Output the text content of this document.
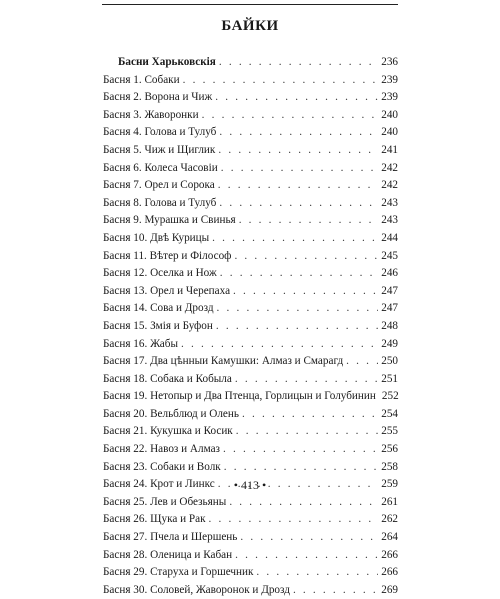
БАЙКИ
Басни Харьковскія . . .	236
Басня 1. Собаки . . .	239
Басня 2. Ворона и Чиж . . .	239
Басня 3. Жаворонки . . .	240
Басня 4. Голова и Тулуб . . .	240
Басня 5. Чиж и Щиглик . . .	241
Басня 6. Колеса Часовіи . . .	242
Басня 7. Орел и Сорока . . .	242
Басня 8. Голова и Тулуб . . .	243
Басня 9. Мурашка и Свинья . . .	243
Басня 10. Двѣ Курицы . . .	244
Басня 11. Вѣтер и Філософ . . .	245
Басня 12. Оселка и Нож . . .	246
Басня 13. Орел и Черепаха . . .	247
Басня 14. Сова и Дрозд . . .	247
Басня 15. Змія и Буфон . . .	248
Басня 16. Жабы . . .	249
Басня 17. Два цѣнныи Камушки: Алмаз и Смарагд . . .	250
Басня 18. Собака и Кобыла . . .	251
Басня 19. Нетопыр и Два Птенца, Горлицын и Голубинин 252
Басня 20. Вельблюд и Олень . . .	254
Басня 21. Кукушка и Косик . . .	255
Басня 22. Навоз и Алмаз . . .	256
Басня 23. Собаки и Волк . . .	258
Басня 24. Крот и Линкс . . .	259
Басня 25. Лев и Обезьяны . . .	261
Басня 26. Щука и Рак . . .	262
Басня 27. Пчела и Шершень . . .	264
Басня 28. Оленица и Кабан . . .	266
Басня 29. Старуха и Горшечник . . .	266
Басня 30. Соловей, Жаворонок и Дрозд . . .	269
• 413 •
